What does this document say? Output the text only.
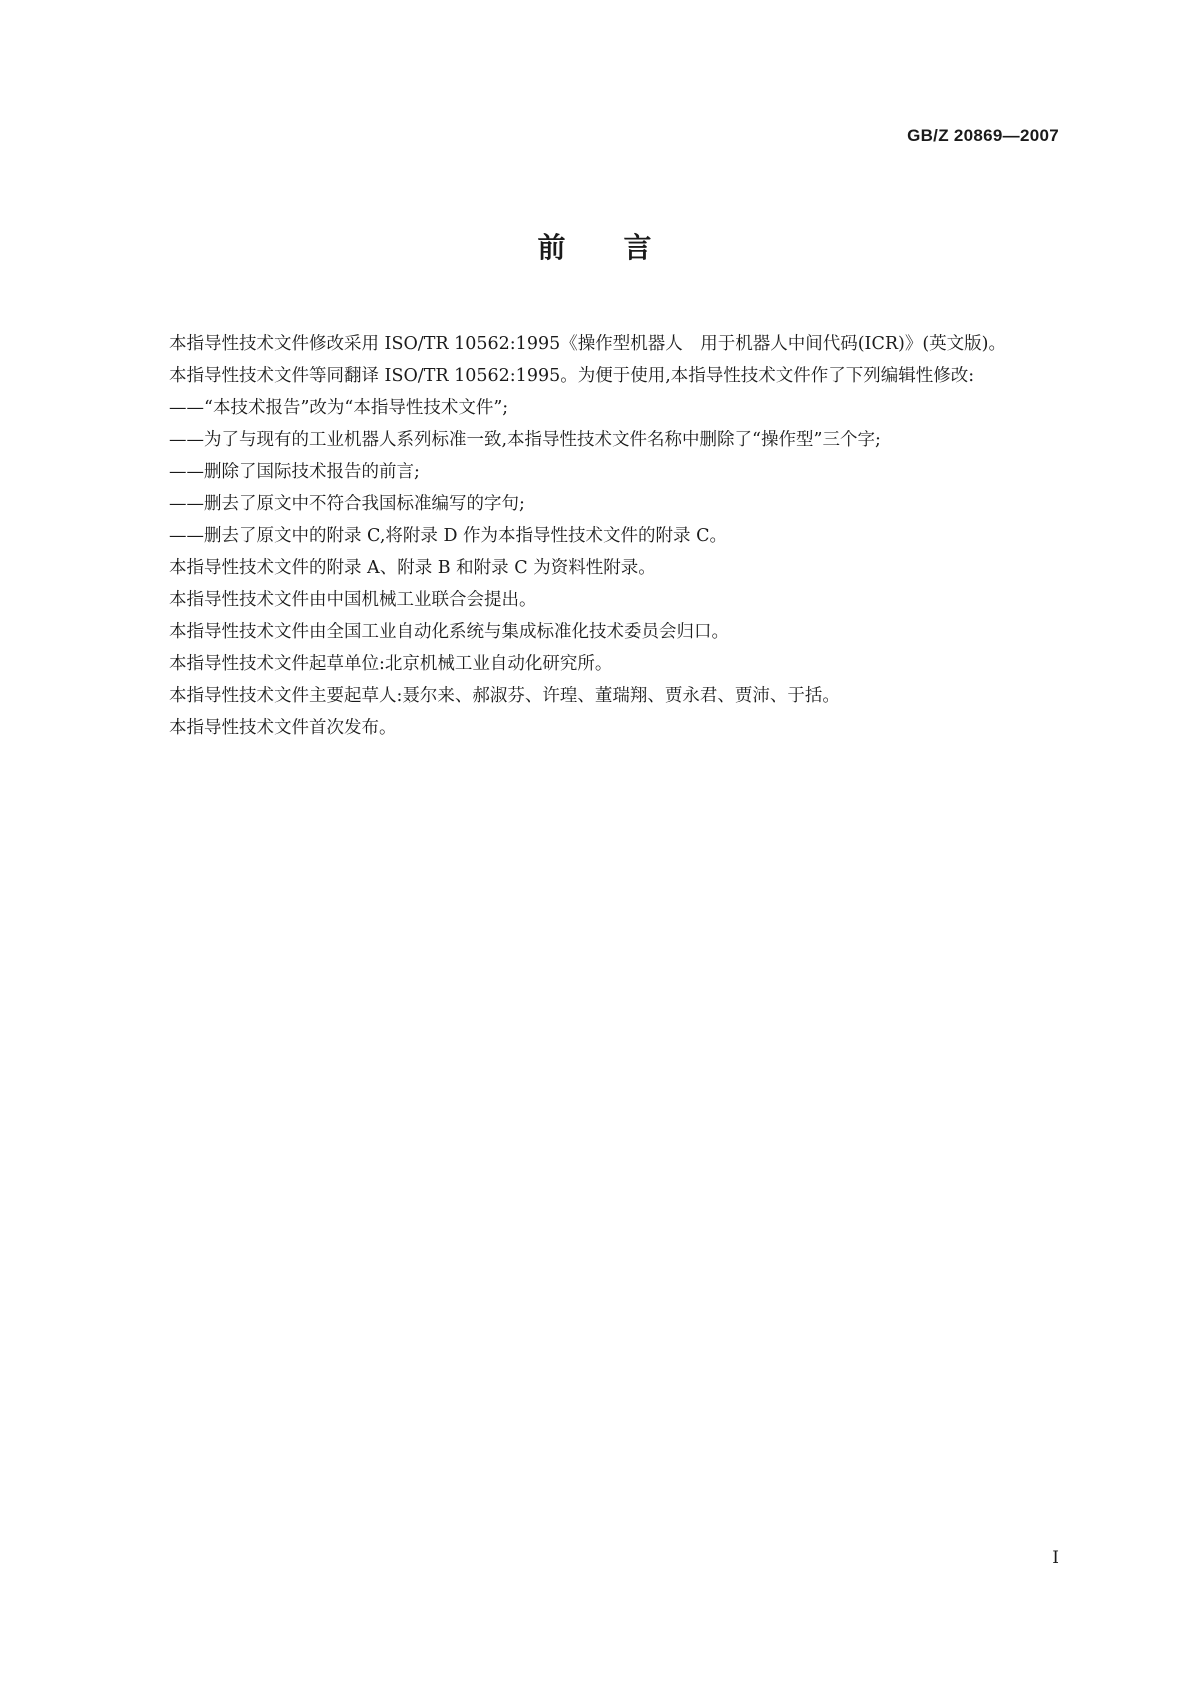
GB/Z 20869—2007
前 言

本指导性技术文件修改采用 ISO/TR 10562:1995《操作型机器人　用于机器人中间代码(ICR)》(英文版)。

本指导性技术文件等同翻译 ISO/TR 10562:1995。为便于使用,本指导性技术文件作了下列编辑性修改:

——“本技术报告”改为“本指导性技术文件”;

——为了与现有的工业机器人系列标准一致,本指导性技术文件名称中删除了“操作型”三个字;

——删除了国际技术报告的前言;

——删去了原文中不符合我国标准编写的字句;

——删去了原文中的附录 C,将附录 D 作为本指导性技术文件的附录 C。

本指导性技术文件的附录 A、附录 B 和附录 C 为资料性附录。

本指导性技术文件由中国机械工业联合会提出。

本指导性技术文件由全国工业自动化系统与集成标准化技术委员会归口。

本指导性技术文件起草单位:北京机械工业自动化研究所。

本指导性技术文件主要起草人:聂尔来、郝淑芬、许瑝、董瑞翔、贾永君、贾沛、于括。

本指导性技术文件首次发布。

I
